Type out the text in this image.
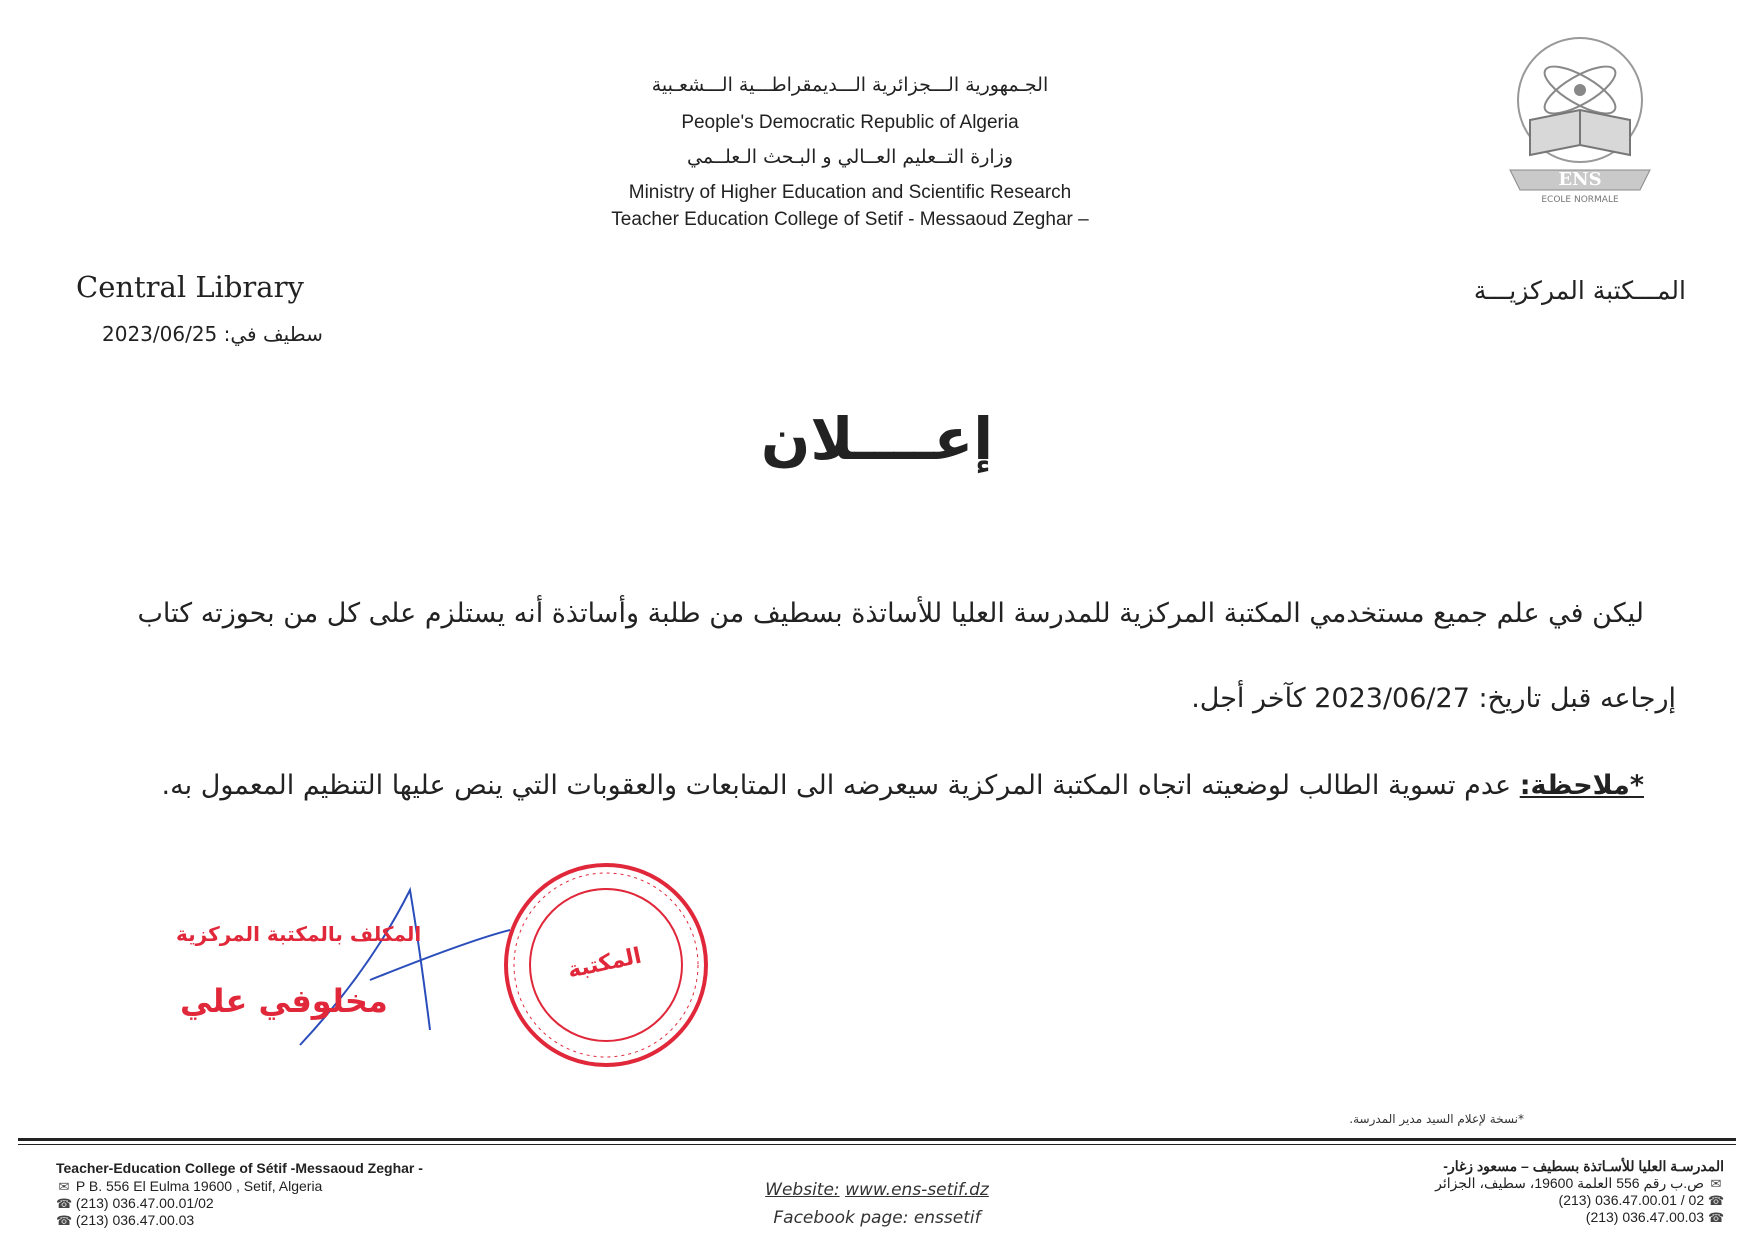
الجـمهورية الـــجزائرية الـــديمقراطـــية الـــشعـبية
People's Democratic Republic of Algeria
وزارة التــعليم العــالي و البـحث الـعلــمي
Ministry of Higher Education and Scientific Research
Teacher Education College of Setif - Messaoud Zeghar –
ENS
ECOLE NORMALE
Central Library	المـــكتبة المركزيـــة
سطيف في: 2023/06/25
إعــــلان
ليكن في علم جميع مستخدمي المكتبة المركزية للمدرسة العليا للأساتذة بسطيف من طلبة وأساتذة أنه يستلزم على كل من بحوزته كتاب
إرجاعه قبل تاريخ: 2023/06/27 كآخر أجل.
*ملاحظة: عدم تسوية الطالب لوضعيته اتجاه المكتبة المركزية سيعرضه الى المتابعات والعقوبات التي ينص عليها التنظيم المعمول به.
المكتبة
المكلف بالمكتبة المركزية
مخلوفي علي
*نسخة لإعلام السيد مدير المدرسة.
Teacher-Education College of Sétif -Messaoud Zeghar -
✉ P B. 556 El Eulma 19600 , Setif, Algeria
☎ (213) 036.47.00.01/02
☎ (213) 036.47.00.03
Website: www.ens-setif.dz
Facebook page: enssetif
المدرسـة العليا للأسـاتذة بسطيف – مسعود زغار-
✉ ص.ب رقم 556 العلمة 19600، سطيف، الجزائر
(213) 036.47.00.01 / 02 ☎
(213) 036.47.00.03 ☎
